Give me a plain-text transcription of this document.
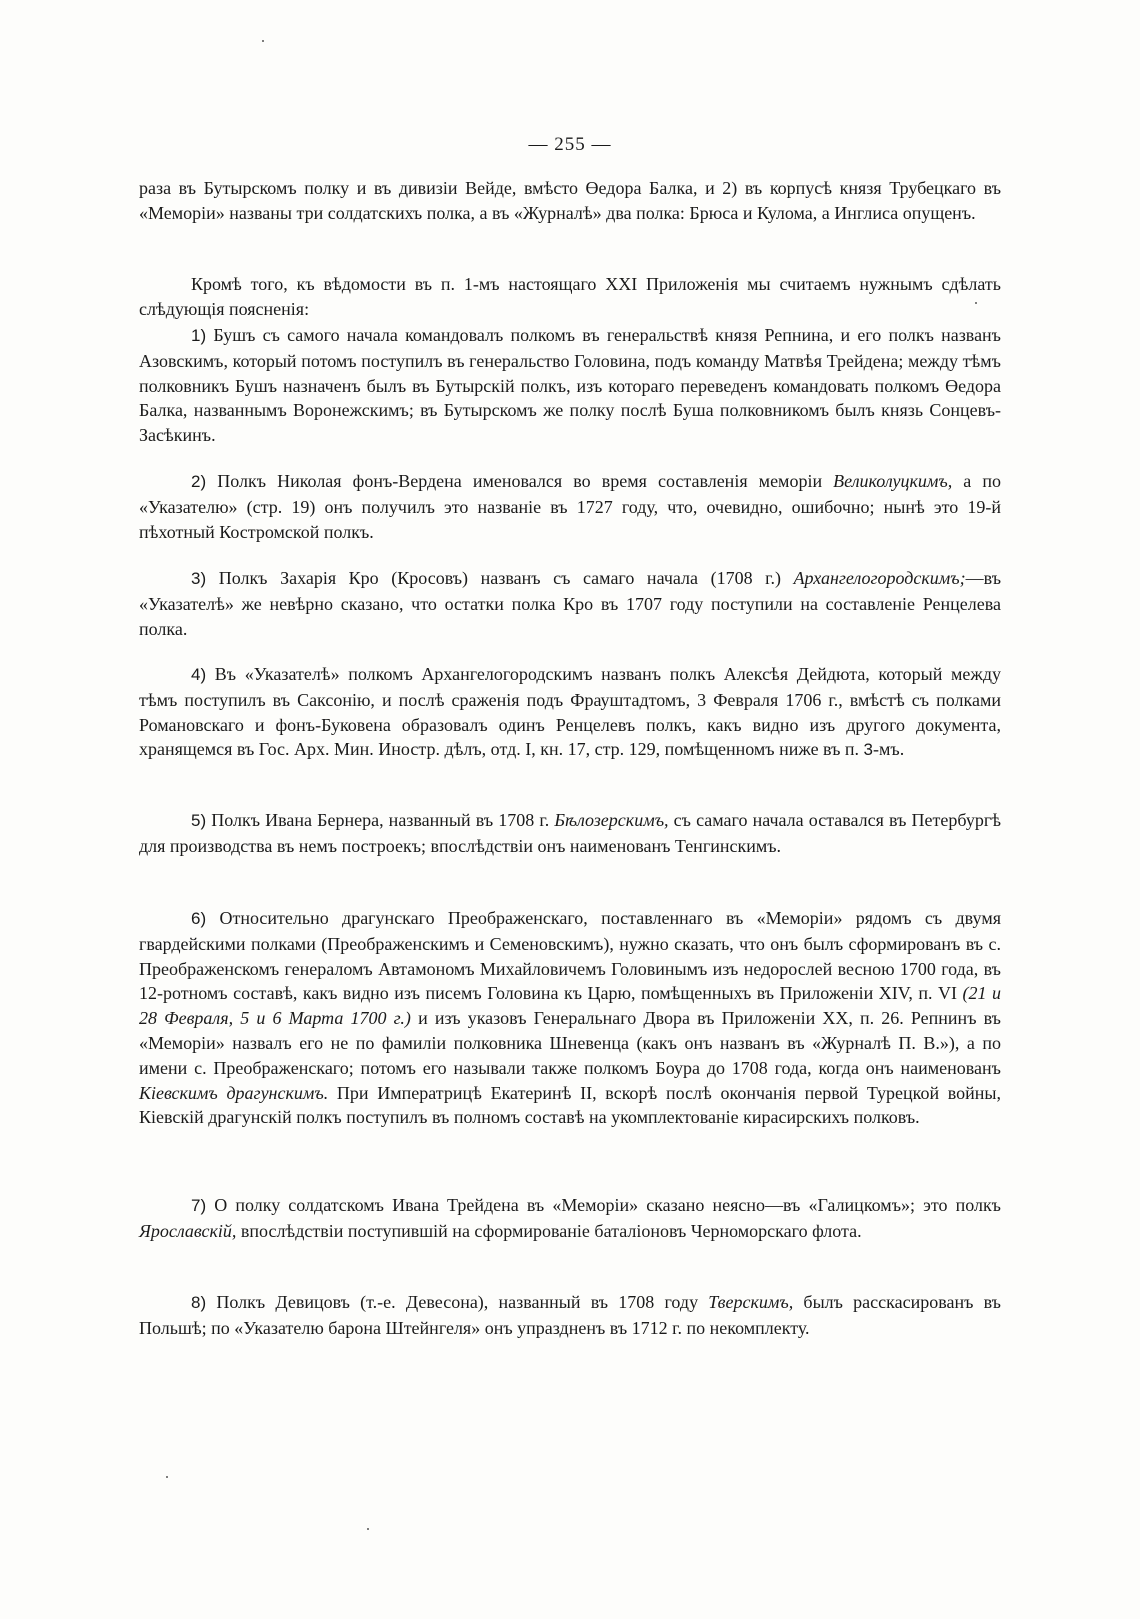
— 255 —

раза въ Бутырскомъ полку и въ дивизіи Вейде, вмѣсто Өедора Балка, и 2) въ корпусѣ князя Трубецкаго въ «Меморіи» названы три солдатскихъ полка, а въ «Журналѣ» два полка: Брюса и Кулома, а Инглиса опущенъ.

Кромѣ того, къ вѣдомости въ п. 1-мъ настоящаго XXI Приложенія мы считаемъ нужнымъ сдѣлать слѣдующія поясненія:

1) Бушъ съ самого начала командовалъ полкомъ въ генеральствѣ князя Репнина, и его полкъ названъ Азовскимъ, который потомъ поступилъ въ генеральство Головина, подъ команду Матвѣя Трейдена; между тѣмъ полковникъ Бушъ назначенъ былъ въ Бутырскій полкъ, изъ котораго переведенъ командовать полкомъ Өедора Балка, названнымъ Воронежскимъ; въ Бутырскомъ же полку послѣ Буша полковникомъ былъ князь Сонцевъ-Засѣкинъ.

2) Полкъ Николая фонъ-Вердена именовался во время составленія меморіи Великолуцкимъ, а по «Указателю» (стр. 19) онъ получилъ это названіе въ 1727 году, что, очевидно, ошибочно; нынѣ это 19-й пѣхотный Костромской полкъ.

3) Полкъ Захарія Кро (Кросовъ) названъ съ самаго начала (1708 г.) Архангелогородскимъ;—въ «Указателѣ» же невѣрно сказано, что остатки полка Кро въ 1707 году поступили на составленіе Ренцелева полка.

4) Въ «Указателѣ» полкомъ Архангелогородскимъ названъ полкъ Алексѣя Дейдюта, который между тѣмъ поступилъ въ Саксонію, и послѣ сраженія подъ Фрауштадтомъ, 3 Февраля 1706 г., вмѣстѣ съ полками Романовскаго и фонъ-Буковена образовалъ одинъ Ренцелевъ полкъ, какъ видно изъ другого документа, хранящемся въ Гос. Арх. Мин. Иностр. дѣлъ, отд. I, кн. 17, стр. 129, помѣщенномъ ниже въ п. 3-мъ.

5) Полкъ Ивана Бернера, названный въ 1708 г. Бѣлозерскимъ, съ самаго начала оставался въ Петербургѣ для производства въ немъ построекъ; впослѣдствіи онъ наименованъ Тенгинскимъ.

6) Относительно драгунскаго Преображенскаго, поставленнаго въ «Меморіи» рядомъ съ двумя гвардейскими полками (Преображенскимъ и Семеновскимъ), нужно сказать, что онъ былъ сформированъ въ с. Преображенскомъ генераломъ Автамономъ Михайловичемъ Головинымъ изъ недорослей весною 1700 года, въ 12-ротномъ составѣ, какъ видно изъ писемъ Головина къ Царю, помѣщенныхъ въ Приложеніи XIV, п. VI (21 и 28 Февраля, 5 и 6 Марта 1700 г.) и изъ указовъ Генеральнаго Двора въ Приложеніи XX, п. 26. Репнинъ въ «Меморіи» назвалъ его не по фамиліи полковника Шневенца (какъ онъ названъ въ «Журналѣ П. В.»), а по имени с. Преображенскаго; потомъ его называли также полкомъ Боура до 1708 года, когда онъ наименованъ Кіевскимъ драгунскимъ. При Императрицѣ Екатеринѣ II, вскорѣ послѣ окончанія первой Турецкой войны, Кіевскій драгунскій полкъ поступилъ въ полномъ составѣ на укомплектованіе кирасирскихъ полковъ.

7) О полку солдатскомъ Ивана Трейдена въ «Меморіи» сказано неясно—въ «Галицкомъ»; это полкъ Ярославскій, впослѣдствіи поступившій на сформированіе баталіоновъ Черноморскаго флота.

8) Полкъ Девицовъ (т.-е. Девесона), названный въ 1708 году Тверскимъ, былъ расскасированъ въ Польшѣ; по «Указателю барона Штейнгеля» онъ упраздненъ въ 1712 г. по некомплекту.
